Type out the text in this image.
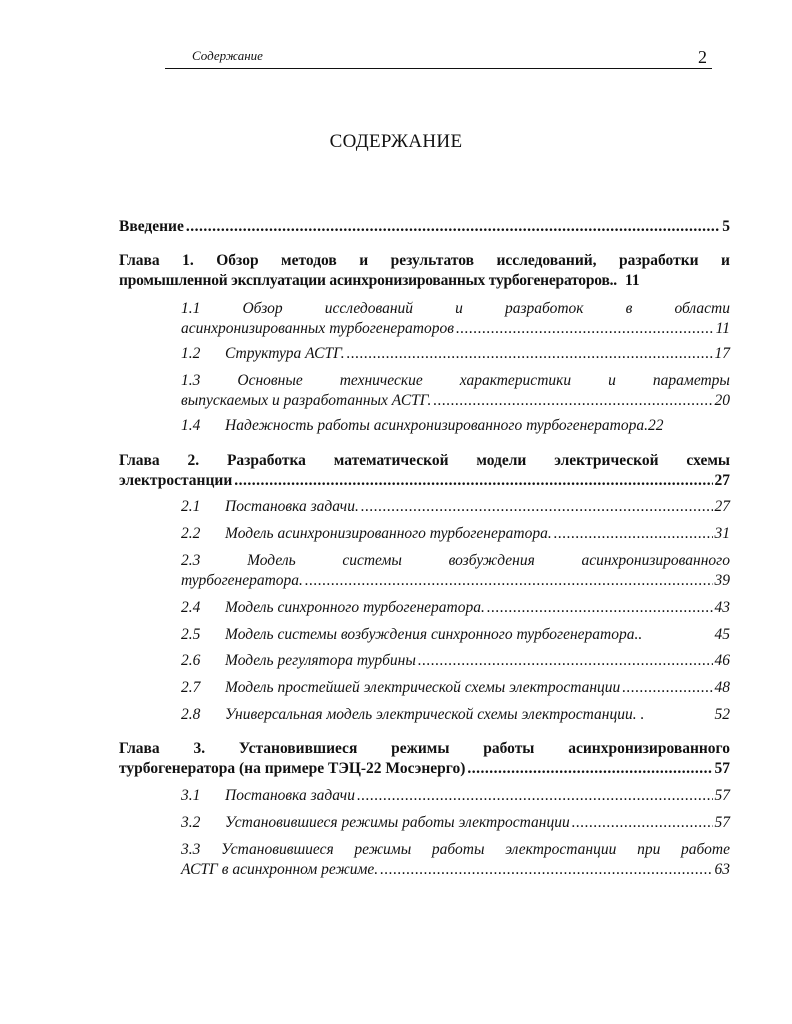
Содержание	2
СОДЕРЖАНИЕ
Введение .....	5
Глава 1. Обзор методов и результатов исследований, разработки и
промышленной эксплуатации асинхронизированных турбогенераторов.. 11
1.1	Обзор	исследований	и	разработок	в	области
асинхронизированных турбогенераторов .....	11
1.2	Структура АСТГ. .....	17
1.3 Основные технические характеристики и параметры
выпускаемых и разработанных АСТГ. .....	20
1.4	Надежность работы асинхронизированного турбогенератора. 22
Глава 2. Разработка математической модели электрической схемы
электростанции .....	27
2.1	Постановка задачи. .....	27
2.2	Модель асинхронизированного турбогенератора. .....	31
2.3	Модель	системы	возбуждения	асинхронизированного
турбогенератора. .....	39
2.4	Модель синхронного турбогенератора. .....	43
2.5	Модель системы возбуждения синхронного турбогенератора..	45
2.6	Модель регулятора турбины .....	46
2.7	Модель простейшей электрической схемы электростанции .....	48
2.8	Универсальная модель электрической схемы электростанции. .	52
Глава 3. Установившиеся режимы работы асинхронизированного
турбогенератора (на примере ТЭЦ-22 Мосэнерго) .....	57
3.1	Постановка задачи .....	57
3.2	Установившиеся режимы работы электростанции .....	57
3.3 Установившиеся режимы работы электростанции при работе
АСТГ в асинхронном режиме. .....	63
